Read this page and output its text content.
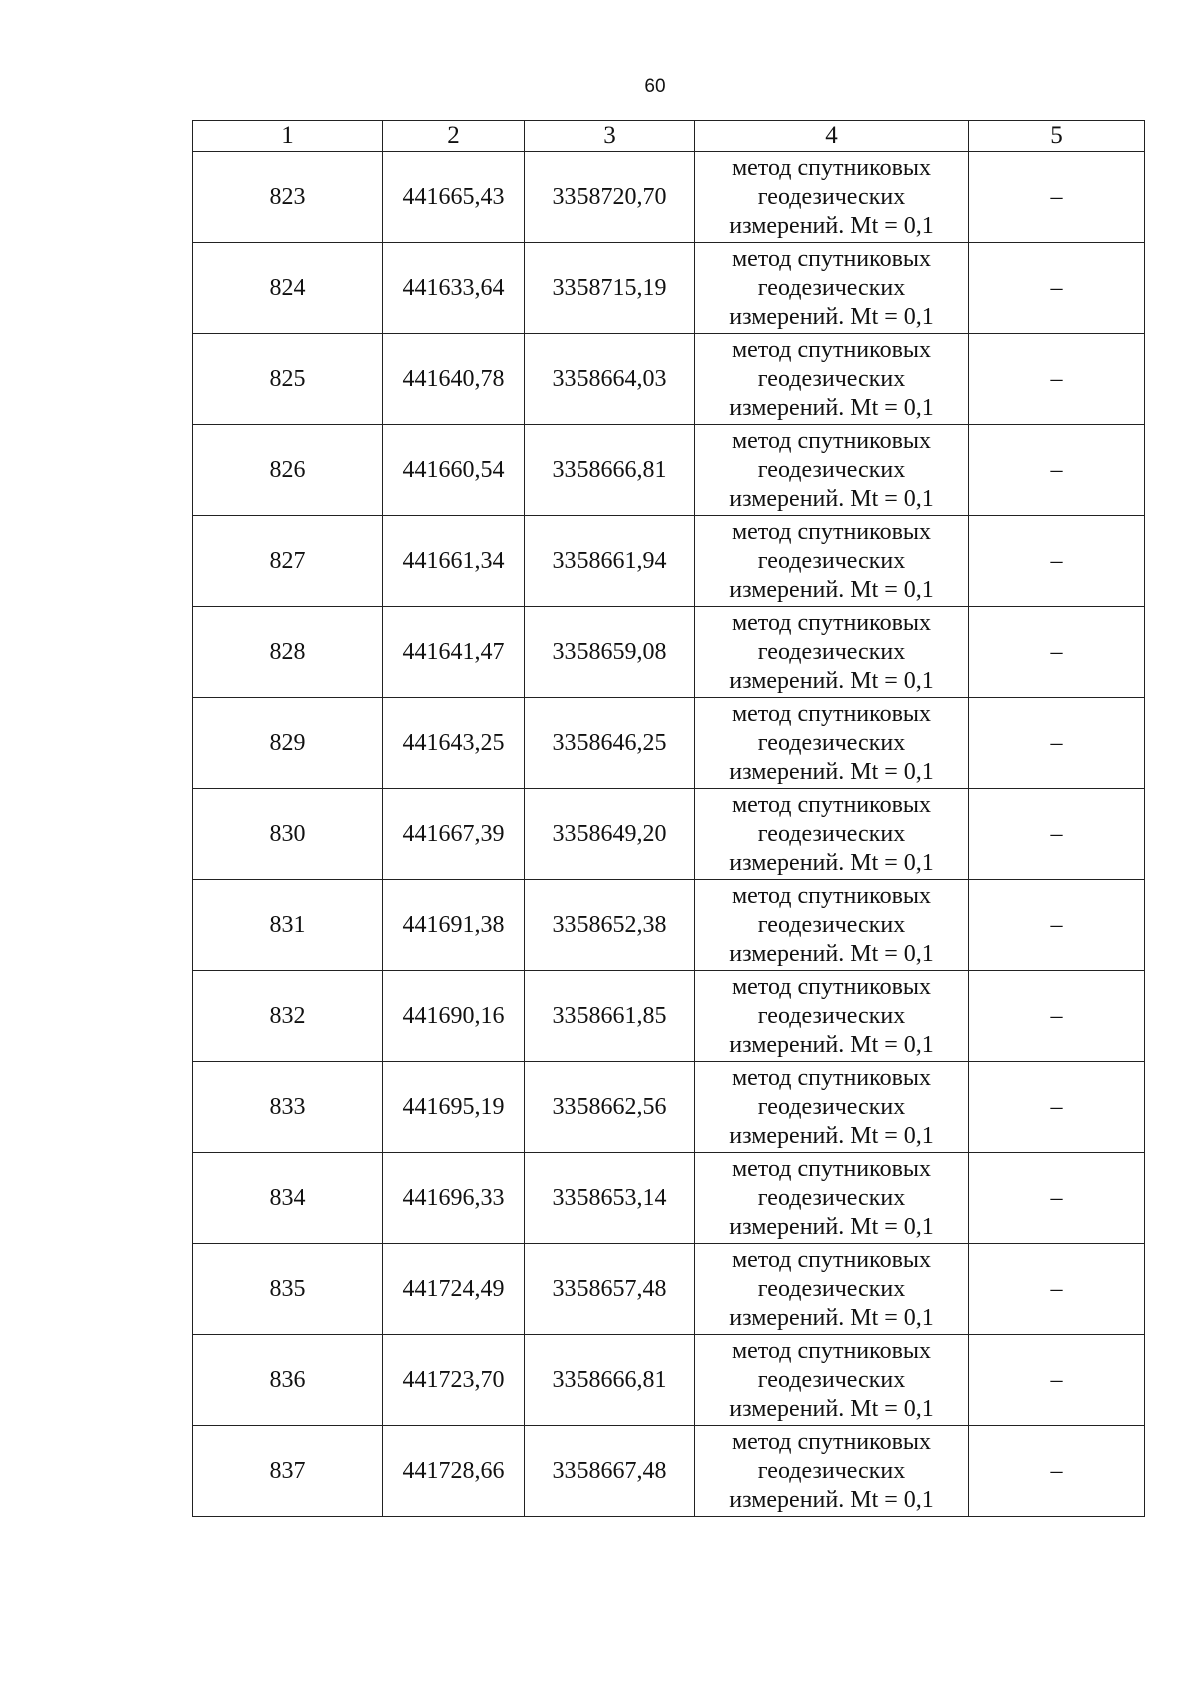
60
1	2	3	4	5
823	441665,43	3358720,70	метод спутниковых
геодезических
измерений. Mt = 0,1	–
824	441633,64	3358715,19	метод спутниковых
геодезических
измерений. Mt = 0,1	–
825	441640,78	3358664,03	метод спутниковых
геодезических
измерений. Mt = 0,1	–
826	441660,54	3358666,81	метод спутниковых
геодезических
измерений. Mt = 0,1	–
827	441661,34	3358661,94	метод спутниковых
геодезических
измерений. Mt = 0,1	–
828	441641,47	3358659,08	метод спутниковых
геодезических
измерений. Mt = 0,1	–
829	441643,25	3358646,25	метод спутниковых
геодезических
измерений. Mt = 0,1	–
830	441667,39	3358649,20	метод спутниковых
геодезических
измерений. Mt = 0,1	–
831	441691,38	3358652,38	метод спутниковых
геодезических
измерений. Mt = 0,1	–
832	441690,16	3358661,85	метод спутниковых
геодезических
измерений. Mt = 0,1	–
833	441695,19	3358662,56	метод спутниковых
геодезических
измерений. Mt = 0,1	–
834	441696,33	3358653,14	метод спутниковых
геодезических
измерений. Mt = 0,1	–
835	441724,49	3358657,48	метод спутниковых
геодезических
измерений. Mt = 0,1	–
836	441723,70	3358666,81	метод спутниковых
геодезических
измерений. Mt = 0,1	–
837	441728,66	3358667,48	метод спутниковых
геодезических
измерений. Mt = 0,1	–
